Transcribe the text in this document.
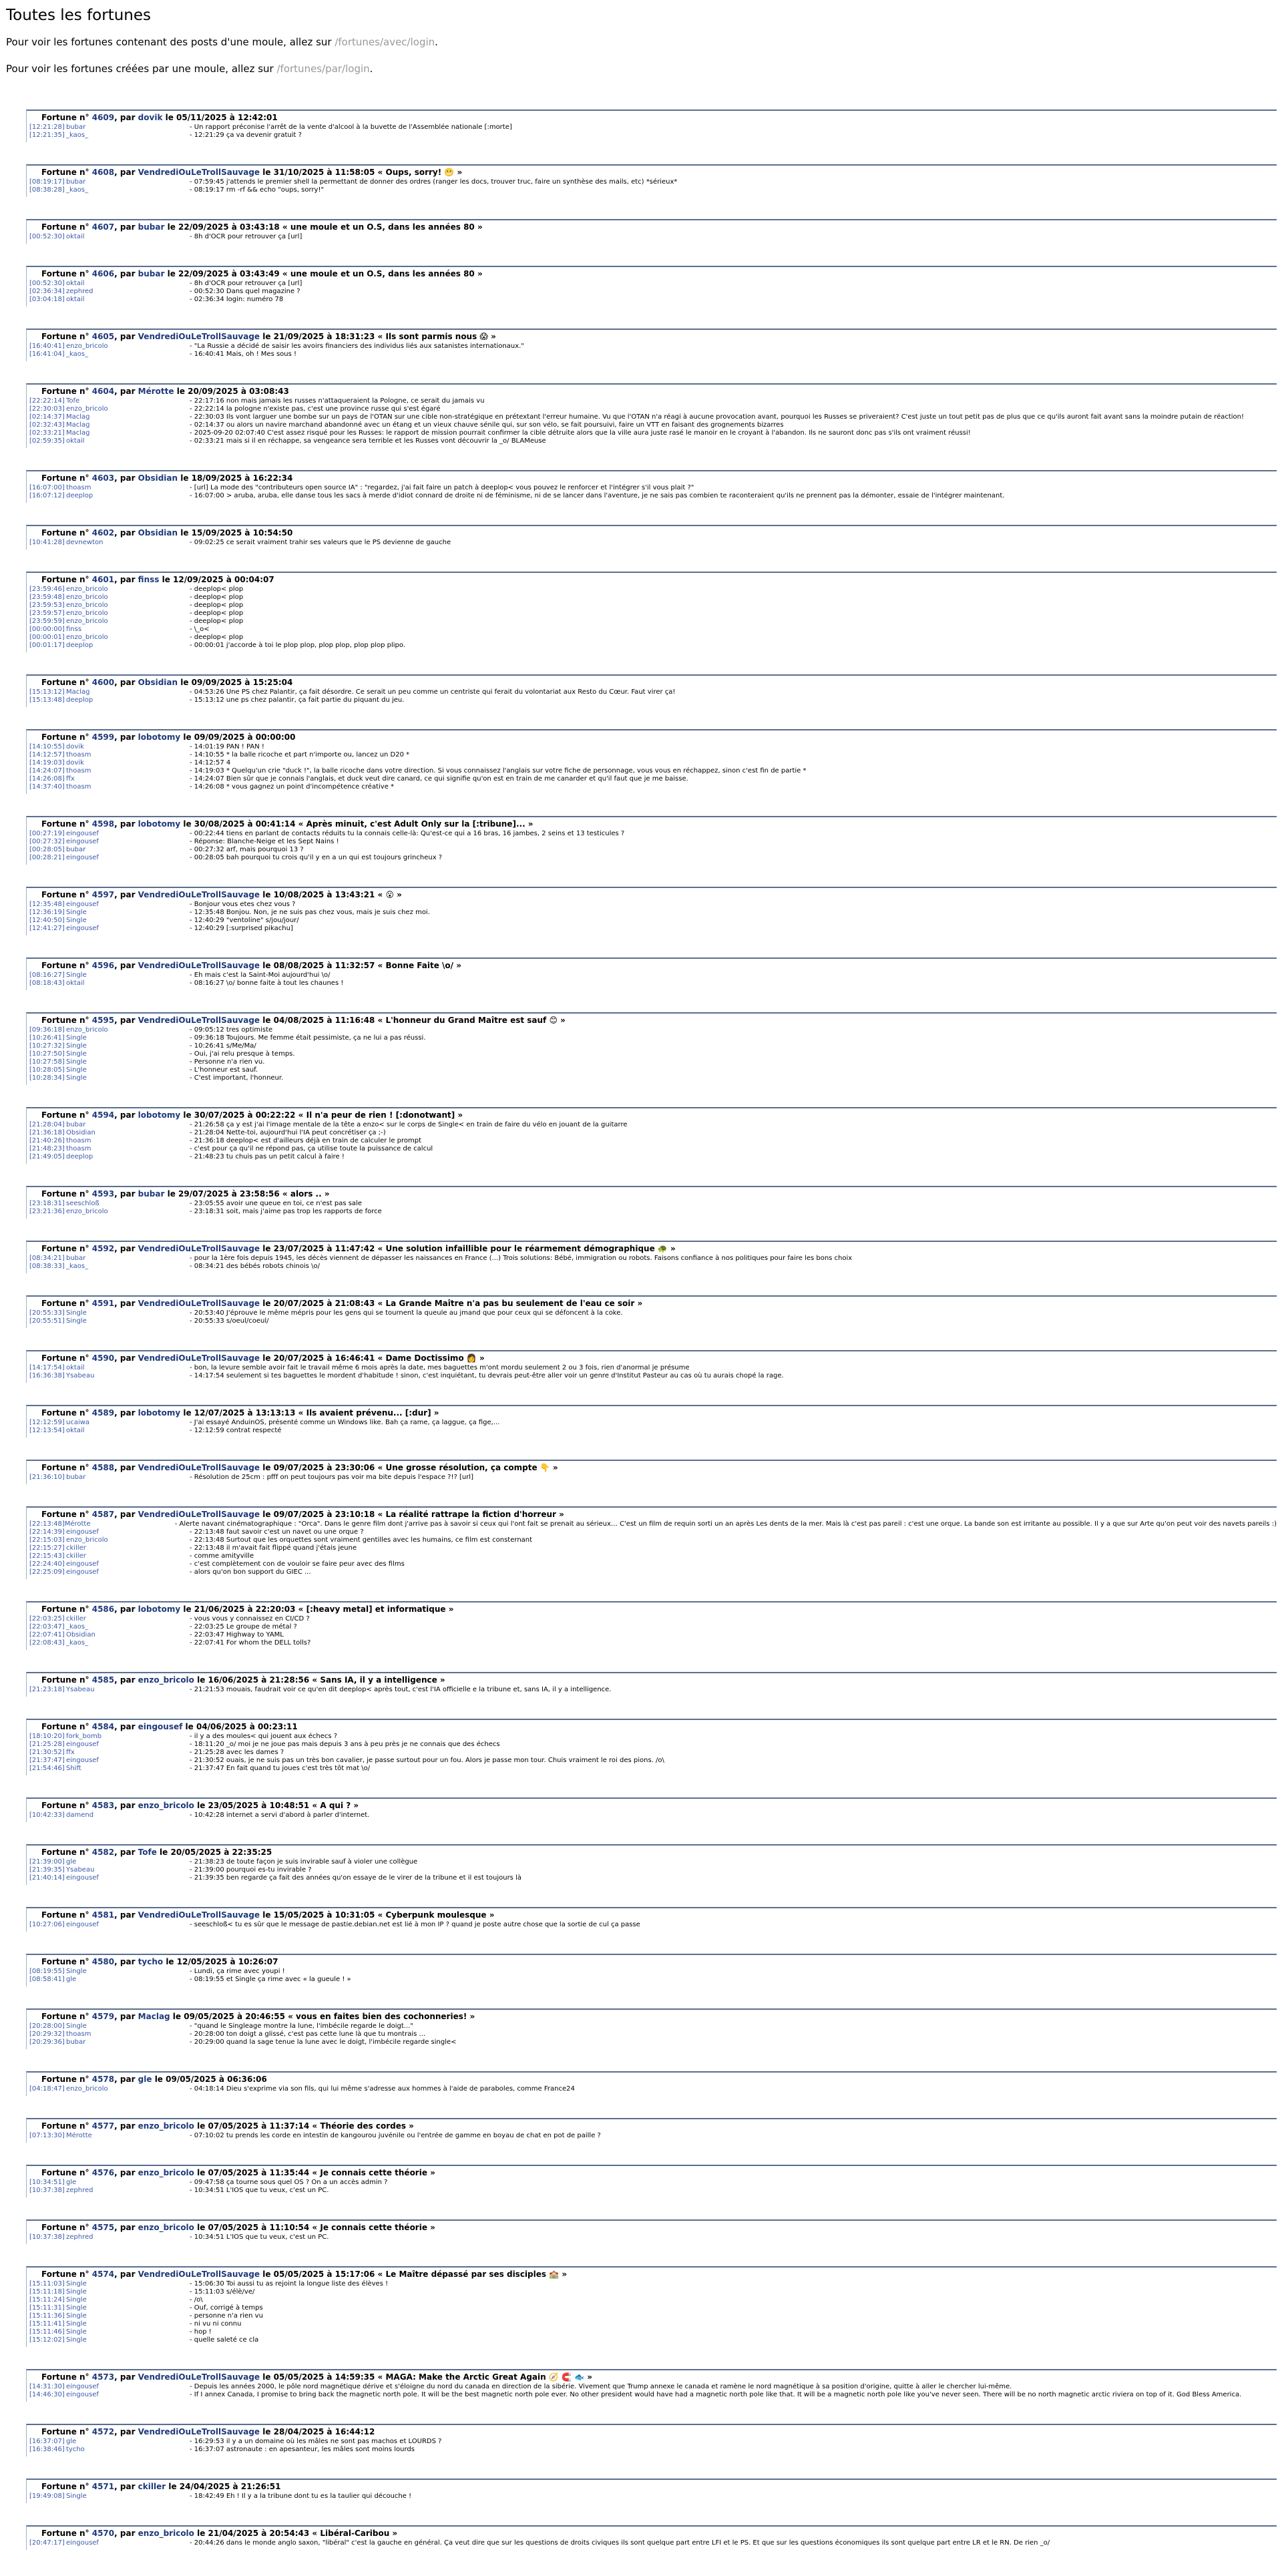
Toutes les fortunes

Pour voir les fortunes contenant des posts d'une moule, allez sur /fortunes/avec/login.

Pour voir les fortunes créées par une moule, allez sur /fortunes/par/login.

Fortune n° 4609, par dovik le 05/11/2025 à 12:42:01
[12:21:28] bubar	- Un rapport préconise l'arrêt de la vente d'alcool à la buvette de l'Assemblée nationale [:morte]
[12:21:35] _kaos_	- 12:21:29 ça va devenir gratuit ?
Fortune n° 4608, par VendrediOuLeTrollSauvage le 31/10/2025 à 11:58:05 « Oups, sorry! 😬 »
[08:19:17] bubar	- 07:59:45 j'attends le premier shell la permettant de donner des ordres (ranger les docs, trouver truc, faire un synthèse des mails, etc) *sérieux*
[08:38:28] _kaos_	- 08:19:17 rm -rf && echo "oups, sorry!"
Fortune n° 4607, par bubar le 22/09/2025 à 03:43:18 « une moule et un O.S, dans les années 80 »
[00:52:30] oktail	- 8h d'OCR pour retrouver ça [url]
Fortune n° 4606, par bubar le 22/09/2025 à 03:43:49 « une moule et un O.S, dans les années 80 »
[00:52:30] oktail	- 8h d'OCR pour retrouver ça [url]
[02:36:34] zephred	- 00:52:30 Dans quel magazine ?
[03:04:18] oktail	- 02:36:34 login: numéro 78
Fortune n° 4605, par VendrediOuLeTrollSauvage le 21/09/2025 à 18:31:23 « Ils sont parmis nous 😱 »
[16:40:41] enzo_bricolo	- "La Russie a décidé de saisir les avoirs financiers des individus liés aux satanistes internationaux."
[16:41:04] _kaos_	- 16:40:41 Mais, oh ! Mes sous !
Fortune n° 4604, par Mérotte le 20/09/2025 à 03:08:43
[22:22:14] Tofe	- 22:17:16 non mais jamais les russes n'attaqueraient la Pologne, ce serait du jamais vu
[22:30:03] enzo_bricolo	- 22:22:14 la pologne n'existe pas, c'est une province russe qui s'est égaré
[02:14:37] Maclag	- 22:30:03 Ils vont larguer une bombe sur un pays de l'OTAN sur une cible non-stratégique en prétextant l'erreur humaine. Vu que l'OTAN n'a réagi à aucune provocation avant, pourquoi les Russes se priveraient? C'est juste un tout petit pas de plus que ce qu'ils auront fait avant sans la moindre putain de réaction!
[02:32:43] Maclag	- 02:14:37 ou alors un navire marchand abandonné avec un étang et un vieux chauve sénile qui, sur son vélo, se fait poursuivi, faire un VTT en faisant des grognements bizarres
[02:33:21] Maclag	- 2025-09-20 02:07:40 C'est assez risqué pour les Russes: le rapport de mission pourrait confirmer la cible détruite alors que la ville aura juste rasé le manoir en le croyant à l'abandon. Ils ne sauront donc pas s'ils ont vraiment réussi!
[02:59:35] oktail	- 02:33:21 mais si il en réchappe, sa vengeance sera terrible et les Russes vont découvrir la _o/ BLAMeuse
Fortune n° 4603, par Obsidian le 18/09/2025 à 16:22:34
[16:07:00] thoasm	- [url] La mode des "contributeurs open source IA" : "regardez, j'ai fait faire un patch à deeplop< vous pouvez le renforcer et l'intégrer s'il vous plait ?"
[16:07:12] deeplop	- 16:07:00 > aruba, aruba, elle danse tous les sacs à merde d'idiot connard de droite ni de féminisme, ni de se lancer dans l'aventure, je ne sais pas combien te raconteraient qu'ils ne prennent pas la démonter, essaie de l'intégrer maintenant.
Fortune n° 4602, par Obsidian le 15/09/2025 à 10:54:50
[10:41:28] devnewton	- 09:02:25 ce serait vraiment trahir ses valeurs que le PS devienne de gauche
Fortune n° 4601, par finss le 12/09/2025 à 00:04:07
[23:59:46] enzo_bricolo	- deeplop< plop
[23:59:48] enzo_bricolo	- deeplop< plop
[23:59:53] enzo_bricolo	- deeplop< plop
[23:59:57] enzo_bricolo	- deeplop< plop
[23:59:59] enzo_bricolo	- deeplop< plop
[00:00:00] finss	- \_o<
[00:00:01] enzo_bricolo	- deeplop< plop
[00:01:17] deeplop	- 00:00:01 j'accorde à toi le plop plop, plop plop, plop plop plipo.
Fortune n° 4600, par Obsidian le 09/09/2025 à 15:25:04
[15:13:12] Maclag	- 04:53:26 Une PS chez Palantir, ça fait désordre. Ce serait un peu comme un centriste qui ferait du volontariat aux Resto du Cœur. Faut virer ça!
[15:13:48] deeplop	- 15:13:12 une ps chez palantir, ça fait partie du piquant du jeu.
Fortune n° 4599, par lobotomy le 09/09/2025 à 00:00:00
[14:10:55] dovik	- 14:01:19 PAN ! PAN !
[14:12:57] thoasm	- 14:10:55 * la balle ricoche et part n'importe ou, lancez un D20 *
[14:19:03] dovik	- 14:12:57 4
[14:24:07] thoasm	- 14:19:03 * Quelqu'un crie "duck !", la balle ricoche dans votre direction. Si vous connaissez l'anglais sur votre fiche de personnage, vous vous en réchappez, sinon c'est fin de partie *
[14:26:08] ffx	- 14:24:07 Bien sûr que je connais l'anglais, et duck veut dire canard, ce qui signifie qu'on est en train de me canarder et qu'il faut que je me baisse.
[14:37:40] thoasm	- 14:26:08 * vous gagnez un point d'incompétence créative *
Fortune n° 4598, par lobotomy le 30/08/2025 à 00:41:14 « Après minuit, c'est Adult Only sur la [:tribune]... »
[00:27:19] eingousef	- 00:22:44 tiens en parlant de contacts réduits tu la connais celle-là: Qu'est-ce qui a 16 bras, 16 jambes, 2 seins et 13 testicules ?
[00:27:32] eingousef	- Réponse: Blanche-Neige et les Sept Nains !
[00:28:05] bubar	- 00:27:32 arf, mais pourquoi 13 ?
[00:28:21] eingousef	- 00:28:05 bah pourquoi tu crois qu'il y en a un qui est toujours grincheux ?
Fortune n° 4597, par VendrediOuLeTrollSauvage le 10/08/2025 à 13:43:21 « 😮 »
[12:35:48] eingousef	- Bonjour vous etes chez vous ?
[12:36:19] Single	- 12:35:48 Bonjou. Non, je ne suis pas chez vous, mais je suis chez moi.
[12:40:50] Single	- 12:40:29 "ventoline" s/jou/jour/
[12:41:27] eingousef	- 12:40:29 [:surprised pikachu]
Fortune n° 4596, par VendrediOuLeTrollSauvage le 08/08/2025 à 11:32:57 « Bonne Faite \o/ »
[08:16:27] Single	- Eh mais c'est la Saint-Moi aujourd'hui \o/
[08:18:43] oktail	- 08:16:27 \o/ bonne faite à tout les chaunes !
Fortune n° 4595, par VendrediOuLeTrollSauvage le 04/08/2025 à 11:16:48 « L'honneur du Grand Maître est sauf 😊 »
[09:36:18] enzo_bricolo	- 09:05:12 tres optimiste
[10:26:41] Single	- 09:36:18 Toujours. Me femme était pessimiste, ça ne lui a pas réussi.
[10:27:32] Single	- 10:26:41 s/Me/Ma/
[10:27:50] Single	- Oui, j'ai relu presque à temps.
[10:27:58] Single	- Personne n'a rien vu.
[10:28:05] Single	- L'honneur est sauf.
[10:28:34] Single	- C'est important, l'honneur.
Fortune n° 4594, par lobotomy le 30/07/2025 à 00:22:22 « Il n'a peur de rien ! [:donotwant] »
[21:28:04] bubar	- 21:26:58 ça y est j'ai l'image mentale de la tête a enzo< sur le corps de Single< en train de faire du vélo en jouant de la guitarre
[21:36:18] Obsidian	- 21:28:04 Nette-toi, aujourd'hui l'IA peut concrétiser ça ;-)
[21:40:26] thoasm	- 21:36:18 deeplop< est d'ailleurs déjà en train de calculer le prompt
[21:48:23] thoasm	- c'est pour ça qu'il ne répond pas, ça utilise toute la puissance de calcul
[21:49:05] deeplop	- 21:48:23 tu chuis pas un petit calcul à faire !
Fortune n° 4593, par bubar le 29/07/2025 à 23:58:56 « alors .. »
[23:18:31] seeschloß	- 23:05:55 avoir une queue en toi, ce n'est pas sale
[23:21:36] enzo_bricolo	- 23:18:31 soit, mais j'aime pas trop les rapports de force
Fortune n° 4592, par VendrediOuLeTrollSauvage le 23/07/2025 à 11:47:42 « Une solution infaillible pour le réarmement démographique 🐢 »
[08:34:21] bubar	- pour la 1ère fois depuis 1945, les décès viennent de dépasser les naissances en France (...) Trois solutions: Bébé, immigration ou robots. Faisons confiance à nos politiques pour faire les bons choix
[08:38:33] _kaos_	- 08:34:21 des bébés robots chinois \o/
Fortune n° 4591, par VendrediOuLeTrollSauvage le 20/07/2025 à 21:08:43 « La Grande Maître n'a pas bu seulement de l'eau ce soir »
[20:55:33] Single	- 20:53:40 J'éprouve le même mépris pour les gens qui se tournent la queule au jmand que pour ceux qui se défoncent à la coke.
[20:55:51] Single	- 20:55:33 s/oeul/coeul/
Fortune n° 4590, par VendrediOuLeTrollSauvage le 20/07/2025 à 16:46:41 « Dame Doctissimo 👩 »
[14:17:54] oktail	- bon, la levure semble avoir fait le travail même 6 mois après la date, mes baguettes m'ont mordu seulement 2 ou 3 fois, rien d'anormal je présume
[16:36:38] Ysabeau	- 14:17:54 seulement si tes baguettes le mordent d'habitude ! sinon, c'est inquiétant, tu devrais peut-être aller voir un genre d'Institut Pasteur au cas où tu aurais chopé la rage.
Fortune n° 4589, par lobotomy le 12/07/2025 à 13:13:13 « Ils avaient prévenu... [:dur] »
[12:12:59] ucaiwa	- J'ai essayé AnduinOS, présenté comme un Windows like. Bah ça rame, ça laggue, ça fige,...
[12:13:54] oktail	- 12:12:59 contrat respecté
Fortune n° 4588, par VendrediOuLeTrollSauvage le 09/07/2025 à 23:30:06 « Une grosse résolution, ça compte 👇 »
[21:36:10] bubar	- Résolution de 25cm : pfff on peut toujours pas voir ma bite depuis l'espace ?!? [url]
Fortune n° 4587, par VendrediOuLeTrollSauvage le 09/07/2025 à 23:10:18 « La réalité rattrape la fiction d'horreur »
[22:13:48] Mérotte	- Alerte navant cinématographique : "Orca". Dans le genre film dont j'arrive pas à savoir si ceux qui l'ont fait se prenait au sérieux… C'est un film de requin sorti un an après Les dents de la mer. Mais là c'est pas pareil : c'est une orque. La bande son est irritante au possible. Il y a que sur Arte qu'on peut voir des navets pareils :)
[22:14:39] eingousef	- 22:13:48 faut savoir c'est un navet ou une orque ?
[22:15:03] enzo_bricolo	- 22:13:48 Surtout que les orquettes sont vraiment gentilles avec les humains, ce film est consternant
[22:15:27] ckiller	- 22:13:48 il m'avait fait flippé quand j'étais jeune
[22:15:43] ckiller	- comme amityville
[22:24:40] eingousef	- c'est complètement con de vouloir se faire peur avec des films
[22:25:09] eingousef	- alors qu'on bon support du GIEC ...
Fortune n° 4586, par lobotomy le 21/06/2025 à 22:20:03 « [:heavy metal] et informatique »
[22:03:25] ckiller	- vous vous y connaissez en CI/CD ?
[22:03:47] _kaos_	- 22:03:25 Le groupe de métal ?
[22:07:41] Obsidian	- 22:03:47 Highway to YAML
[22:08:43] _kaos_	- 22:07:41 For whom the DELL tolls?
Fortune n° 4585, par enzo_bricolo le 16/06/2025 à 21:28:56 « Sans IA, il y a intelligence »
[21:23:18] Ysabeau	- 21:21:53 mouais, faudrait voir ce qu'en dit deeplop< après tout, c'est l'IA officielle e la tribune et, sans IA, il y a intelligence.
Fortune n° 4584, par eingousef le 04/06/2025 à 00:23:11
[18:10:20] fork_bomb	- il y a des moules< qui jouent aux échecs ?
[21:25:28] eingousef	- 18:11:20 _o/ moi je ne joue pas mais depuis 3 ans à peu près je ne connais que des échecs
[21:30:52] ffx	- 21:25:28 avec les dames ?
[21:37:47] eingousef	- 21:30:52 ouais, je ne suis pas un très bon cavalier, je passe surtout pour un fou. Alors je passe mon tour. Chuis vraiment le roi des pions. /o\
[21:54:46] Shift	- 21:37:47 En fait quand tu joues c'est très tôt mat \o/
Fortune n° 4583, par enzo_bricolo le 23/05/2025 à 10:48:51 « A qui ? »
[10:42:33] damend	- 10:42:28 internet a servi d'abord à parler d'internet.
Fortune n° 4582, par Tofe le 20/05/2025 à 22:35:25
[21:39:00] gle	- 21:38:23 de toute façon je suis invirable sauf à violer une collègue
[21:39:35] Ysabeau	- 21:39:00 pourquoi es-tu invirable ?
[21:40:14] eingousef	- 21:39:35 ben regarde ça fait des années qu'on essaye de le virer de la tribune et il est toujours là
Fortune n° 4581, par VendrediOuLeTrollSauvage le 15/05/2025 à 10:31:05 « Cyberpunk moulesque »
[10:27:06] eingousef	- seeschloß< tu es sûr que le message de pastie.debian.net est lié à mon IP ? quand je poste autre chose que la sortie de cul ça passe
Fortune n° 4580, par tycho le 12/05/2025 à 10:26:07
[08:19:55] Single	- Lundi, ça rime avec youpi !
[08:58:41] gle	- 08:19:55 et Single ça rime avec « la gueule ! »
Fortune n° 4579, par Maclag le 09/05/2025 à 20:46:55 « vous en faites bien des cochonneries! »
[20:28:00] Single	- "quand le Singleage montre la lune, l'imbécile regarde le doigt..."
[20:29:32] thoasm	- 20:28:00 ton doigt a glissé, c'est pas cette lune là que tu montrais ...
[20:29:36] bubar	- 20:29:00 quand la sage tenue la lune avec le doigt, l'imbécile regarde single<
Fortune n° 4578, par gle le 09/05/2025 à 06:36:06
[04:18:47] enzo_bricolo	- 04:18:14 Dieu s'exprime via son fils, qui lui même s'adresse aux hommes à l'aide de paraboles, comme France24
Fortune n° 4577, par enzo_bricolo le 07/05/2025 à 11:37:14 « Théorie des cordes »
[07:13:30] Mérotte	- 07:10:02 tu prends les corde en intestin de kangourou juvénile ou l'entrée de gamme en boyau de chat en pot de paille ?
Fortune n° 4576, par enzo_bricolo le 07/05/2025 à 11:35:44 « Je connais cette théorie »
[10:34:51] gle	- 09:47:58 ça tourne sous quel OS ? On a un accès admin ?
[10:37:38] zephred	- 10:34:51 L'IOS que tu veux, c'est un PC.
Fortune n° 4575, par enzo_bricolo le 07/05/2025 à 11:10:54 « Je connais cette théorie »
[10:37:38] zephred	- 10:34:51 L'IOS que tu veux, c'est un PC.
Fortune n° 4574, par VendrediOuLeTrollSauvage le 05/05/2025 à 15:17:06 « Le Maître dépassé par ses disciples 🏫 »
[15:11:03] Single	- 15:06:30 Toi aussi tu as rejoint la longue liste des élèves !
[15:11:18] Single	- 15:11:03 s/élè/ve/
[15:11:24] Single	- /o\
[15:11:31] Single	- Ouf, corrigé à temps
[15:11:36] Single	- personne n'a rien vu
[15:11:41] Single	- ni vu ni connu
[15:11:46] Single	- hop !
[15:12:02] Single	- quelle saleté ce cla
Fortune n° 4573, par VendrediOuLeTrollSauvage le 05/05/2025 à 14:59:35 « MAGA: Make the Arctic Great Again 🧭 🧲 🐟 »
[14:31:30] eingousef	- Depuis les années 2000, le pôle nord magnétique dérive et s'éloigne du nord du canada en direction de la sibérie. Vivement que Trump annexe le canada et ramène le nord magnétique à sa position d'origine, quitte à aller le chercher lui-même.
[14:46:30] eingousef	- If I annex Canada, I promise to bring back the magnetic north pole. It will be the best magnetic north pole ever. No other president would have had a magnetic north pole like that. It will be a magnetic north pole like you've never seen. There will be no north magnetic arctic riviera on top of it. God Bless America.
Fortune n° 4572, par VendrediOuLeTrollSauvage le 28/04/2025 à 16:44:12
[16:37:07] gle	- 16:29:53 il y a un domaine où les mâles ne sont pas machos et LOURDS ?
[16:38:46] tycho	- 16:37:07 astronaute : en apesanteur, les mâles sont moins lourds
Fortune n° 4571, par ckiller le 24/04/2025 à 21:26:51
[19:49:08] Single	- 18:42:49 Eh ! Il y a la tribune dont tu es la taulier qui découche !
Fortune n° 4570, par enzo_bricolo le 21/04/2025 à 20:54:43 « Libéral-Caribou »
[20:47:17] eingousef	- 20:44:26 dans le monde anglo saxon, "libéral" c'est la gauche en général. Ça veut dire que sur les questions de droits civiques ils sont quelque part entre LFI et le PS. Et que sur les questions économiques ils sont quelque part entre LR et le RN. De rien _o/
